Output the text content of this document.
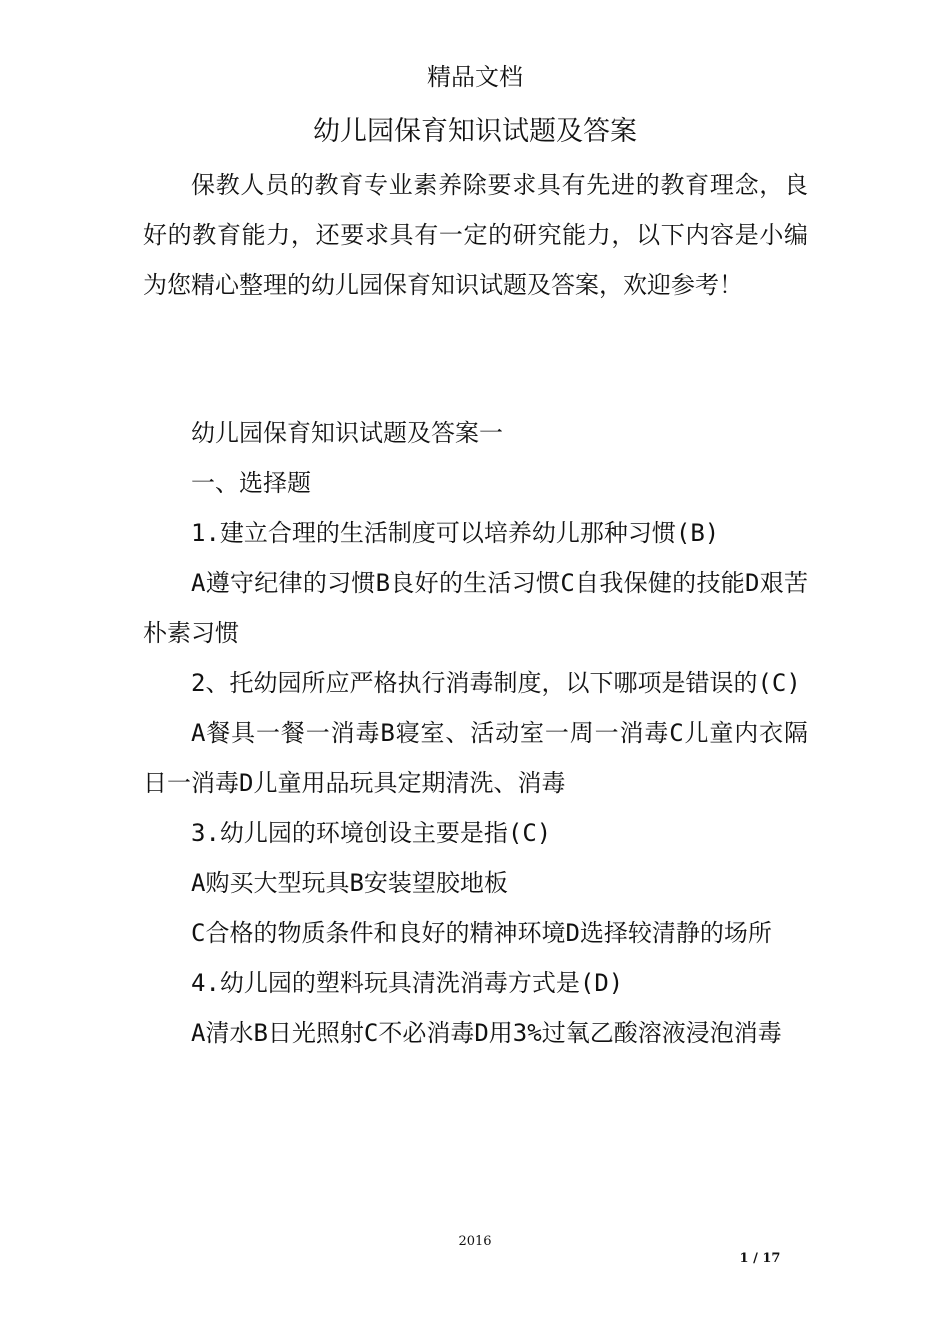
精品文档
幼儿园保育知识试题及答案

保教人员的教育专业素养除要求具有先进的教育理念，良好的教育能力，还要求具有一定的研究能力，以下内容是小编为您精心整理的幼儿园保育知识试题及答案，欢迎参考！

幼儿园保育知识试题及答案一

一、选择题

1.建立合理的生活制度可以培养幼儿那种习惯(B)

A遵守纪律的习惯B良好的生活习惯C自我保健的技能D艰苦朴素习惯

2、托幼园所应严格执行消毒制度，以下哪项是错误的(C)

A餐具一餐一消毒B寝室、活动室一周一消毒C儿童内衣隔日一消毒D儿童用品玩具定期清洗、消毒

3.幼儿园的环境创设主要是指(C)

A购买大型玩具B安装望胶地板

C合格的物质条件和良好的精神环境D选择较清静的场所

4.幼儿园的塑料玩具清洗消毒方式是(D)

A清水B日光照射C不必消毒D用3%过氧乙酸溶液浸泡消毒

2016
1 / 17
